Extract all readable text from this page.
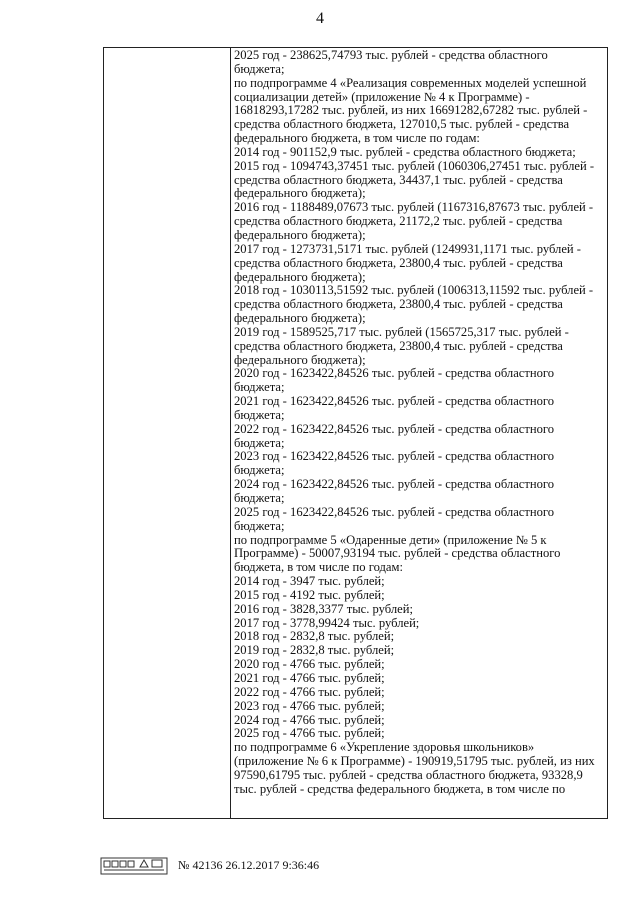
4
2025 год - 238625,74793 тыс. рублей - средства областного
бюджета;
по подпрограмме 4 «Реализация современных моделей успешной
социализации детей» (приложение № 4 к Программе) -
16818293,17282 тыс. рублей, из них 16691282,67282 тыс. рублей -
средства областного бюджета, 127010,5 тыс. рублей - средства
федерального бюджета, в том числе по годам:
2014 год - 901152,9 тыс. рублей - средства областного бюджета;
2015 год - 1094743,37451 тыс. рублей (1060306,27451 тыс. рублей -
средства областного бюджета, 34437,1 тыс. рублей - средства
федерального бюджета);
2016 год - 1188489,07673 тыс. рублей (1167316,87673 тыс. рублей -
средства областного бюджета, 21172,2 тыс. рублей - средства
федерального бюджета);
2017 год - 1273731,5171 тыс. рублей (1249931,1171 тыс. рублей -
средства областного бюджета, 23800,4 тыс. рублей - средства
федерального бюджета);
2018 год - 1030113,51592 тыс. рублей (1006313,11592 тыс. рублей -
средства областного бюджета, 23800,4 тыс. рублей - средства
федерального бюджета);
2019 год - 1589525,717 тыс. рублей (1565725,317 тыс. рублей -
средства областного бюджета, 23800,4 тыс. рублей - средства
федерального бюджета);
2020 год - 1623422,84526 тыс. рублей - средства областного
бюджета;
2021 год - 1623422,84526 тыс. рублей - средства областного
бюджета;
2022 год - 1623422,84526 тыс. рублей - средства областного
бюджета;
2023 год - 1623422,84526 тыс. рублей - средства областного
бюджета;
2024 год - 1623422,84526 тыс. рублей - средства областного
бюджета;
2025 год - 1623422,84526 тыс. рублей - средства областного
бюджета;
по подпрограмме 5 «Одаренные дети» (приложение № 5 к
Программе) - 50007,93194 тыс. рублей - средства областного
бюджета, в том числе по годам:
2014 год - 3947 тыс. рублей;
2015 год - 4192 тыс. рублей;
2016 год - 3828,3377 тыс. рублей;
2017 год - 3778,99424 тыс. рублей;
2018 год - 2832,8 тыс. рублей;
2019 год - 2832,8 тыс. рублей;
2020 год - 4766 тыс. рублей;
2021 год - 4766 тыс. рублей;
2022 год - 4766 тыс. рублей;
2023 год - 4766 тыс. рублей;
2024 год - 4766 тыс. рублей;
2025 год - 4766 тыс. рублей;
по подпрограмме 6 «Укрепление здоровья школьников»
(приложение № 6 к Программе) - 190919,51795 тыс. рублей, из них
97590,61795 тыс. рублей - средства областного бюджета, 93328,9
тыс. рублей - средства федерального бюджета, в том числе по
№ 42136 26.12.2017 9:36:46
